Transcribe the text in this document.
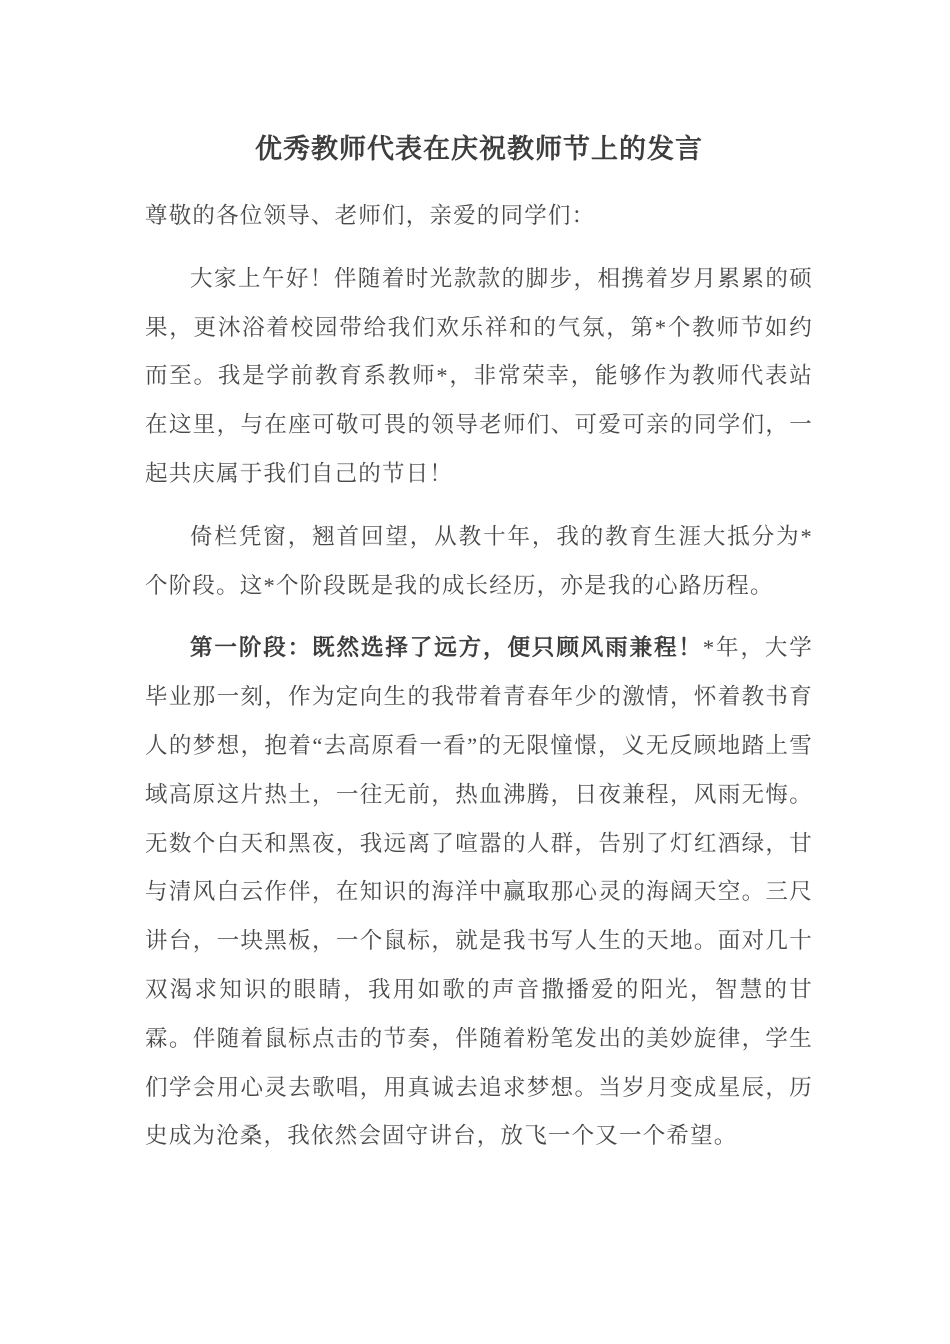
优秀教师代表在庆祝教师节上的发言

尊敬的各位领导、老师们，亲爱的同学们：

大家上午好！伴随着时光款款的脚步，相携着岁月累累的硕果，更沐浴着校园带给我们欢乐祥和的气氛，第*个教师节如约而至。我是学前教育系教师*，非常荣幸，能够作为教师代表站在这里，与在座可敬可畏的领导老师们、可爱可亲的同学们，一起共庆属于我们自己的节日！

倚栏凭窗，翘首回望，从教十年，我的教育生涯大抵分为*个阶段。这*个阶段既是我的成长经历，亦是我的心路历程。

第一阶段：既然选择了远方，便只顾风雨兼程！*年，大学毕业那一刻，作为定向生的我带着青春年少的激情，怀着教书育人的梦想，抱着“去高原看一看”的无限憧憬，义无反顾地踏上雪域高原这片热土，一往无前，热血沸腾，日夜兼程，风雨无悔。无数个白天和黑夜，我远离了喧嚣的人群，告别了灯红酒绿，甘与清风白云作伴，在知识的海洋中赢取那心灵的海阔天空。三尺讲台，一块黑板，一个鼠标，就是我书写人生的天地。面对几十双渴求知识的眼睛，我用如歌的声音撒播爱的阳光，智慧的甘霖。伴随着鼠标点击的节奏，伴随着粉笔发出的美妙旋律，学生们学会用心灵去歌唱，用真诚去追求梦想。当岁月变成星辰，历史成为沧桑，我依然会固守讲台，放飞一个又一个希望。
